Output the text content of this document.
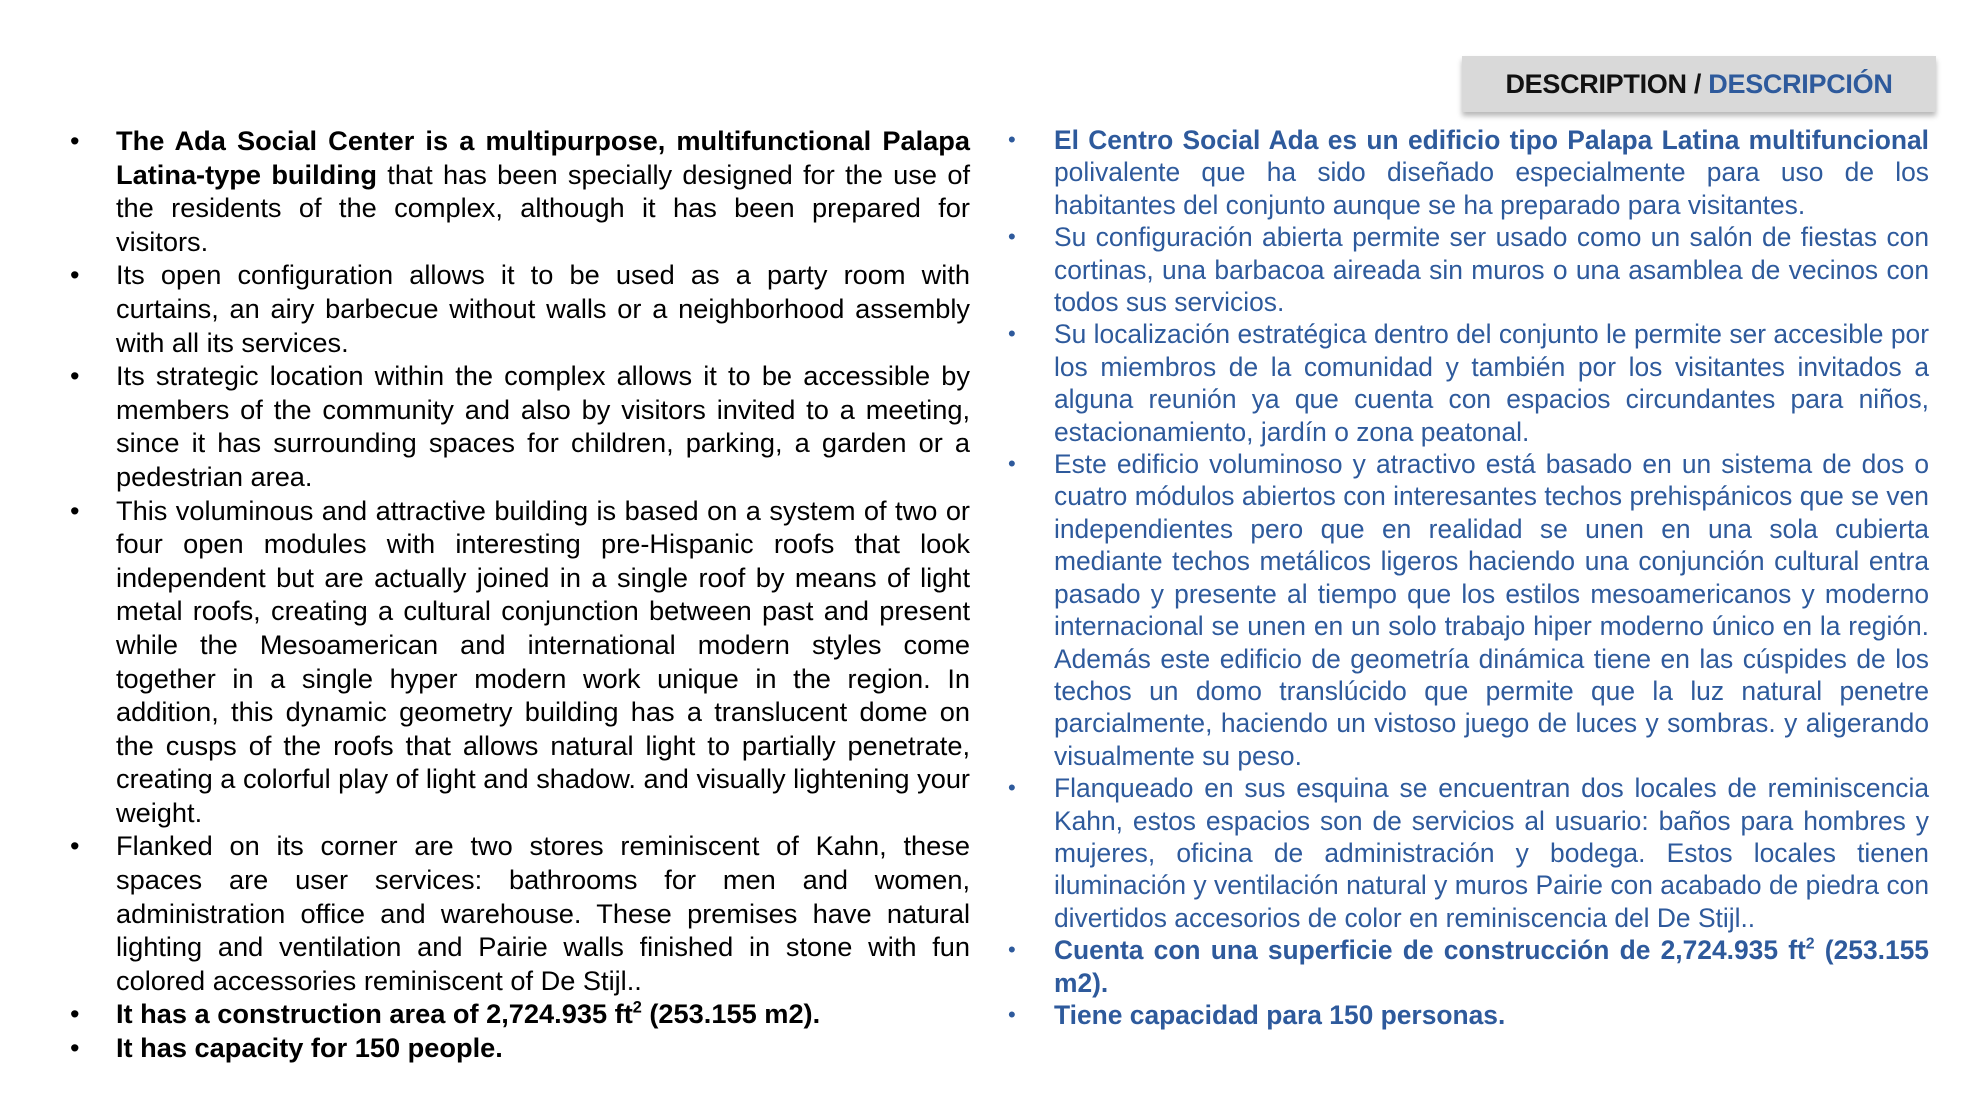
DESCRIPTION / DESCRIPCIÓN
• The Ada Social Center is a multipurpose, multifunctional Palapa Latina-type building that has been specially designed for the use of the residents of the complex, although it has been prepared for visitors.
• Its open configuration allows it to be used as a party room with curtains, an airy barbecue without walls or a neighborhood assembly with all its services.
• Its strategic location within the complex allows it to be accessible by members of the community and also by visitors invited to a meeting, since it has surrounding spaces for children, parking, a garden or a pedestrian area.
• This voluminous and attractive building is based on a system of two or four open modules with interesting pre-Hispanic roofs that look independent but are actually joined in a single roof by means of light metal roofs, creating a cultural conjunction between past and present while the Mesoamerican and international modern styles come together in a single hyper modern work unique in the region. In addition, this dynamic geometry building has a translucent dome on the cusps of the roofs that allows natural light to partially penetrate, creating a colorful play of light and shadow. and visually lightening your weight.
• Flanked on its corner are two stores reminiscent of Kahn, these spaces are user services: bathrooms for men and women, administration office and warehouse. These premises have natural lighting and ventilation and Pairie walls finished in stone with fun colored accessories reminiscent of De Stijl..
• It has a construction area of 2,724.935 $ft^2$ (253.155 m2).
• It has capacity for 150 people.
• El Centro Social Ada es un edificio tipo Palapa Latina multifuncional polivalente que ha sido diseñado especialmente para uso de los habitantes del conjunto aunque se ha preparado para visitantes.
• Su configuración abierta permite ser usado como un salón de fiestas con cortinas, una barbacoa aireada sin muros o una asamblea de vecinos con todos sus servicios.
• Su localización estratégica dentro del conjunto le permite ser accesible por los miembros de la comunidad y también por los visitantes invitados a alguna reunión ya que cuenta con espacios circundantes para niños, estacionamiento, jardín o zona peatonal.
• Este edificio voluminoso y atractivo está basado en un sistema de dos o cuatro módulos abiertos con interesantes techos prehispánicos que se ven independientes pero que en realidad se unen en una sola cubierta mediante techos metálicos ligeros haciendo una conjunción cultural entra pasado y presente al tiempo que los estilos mesoamericanos y moderno internacional se unen en un solo trabajo hiper moderno único en la región. Además este edificio de geometría dinámica tiene en las cúspides de los techos un domo translúcido que permite que la luz natural penetre parcialmente, haciendo un vistoso juego de luces y sombras. y aligerando visualmente su peso.
• Flanqueado en sus esquina se encuentran dos locales de reminiscencia Kahn, estos espacios son de servicios al usuario: baños para hombres y mujeres, oficina de administración y bodega. Estos locales tienen iluminación y ventilación natural y muros Pairie con acabado de piedra con divertidos accesorios de color en reminiscencia del De Stijl..
• Cuenta con una superficie de construcción de 2,724.935 $ft^2$ (253.155 m2).
• Tiene capacidad para 150 personas.
